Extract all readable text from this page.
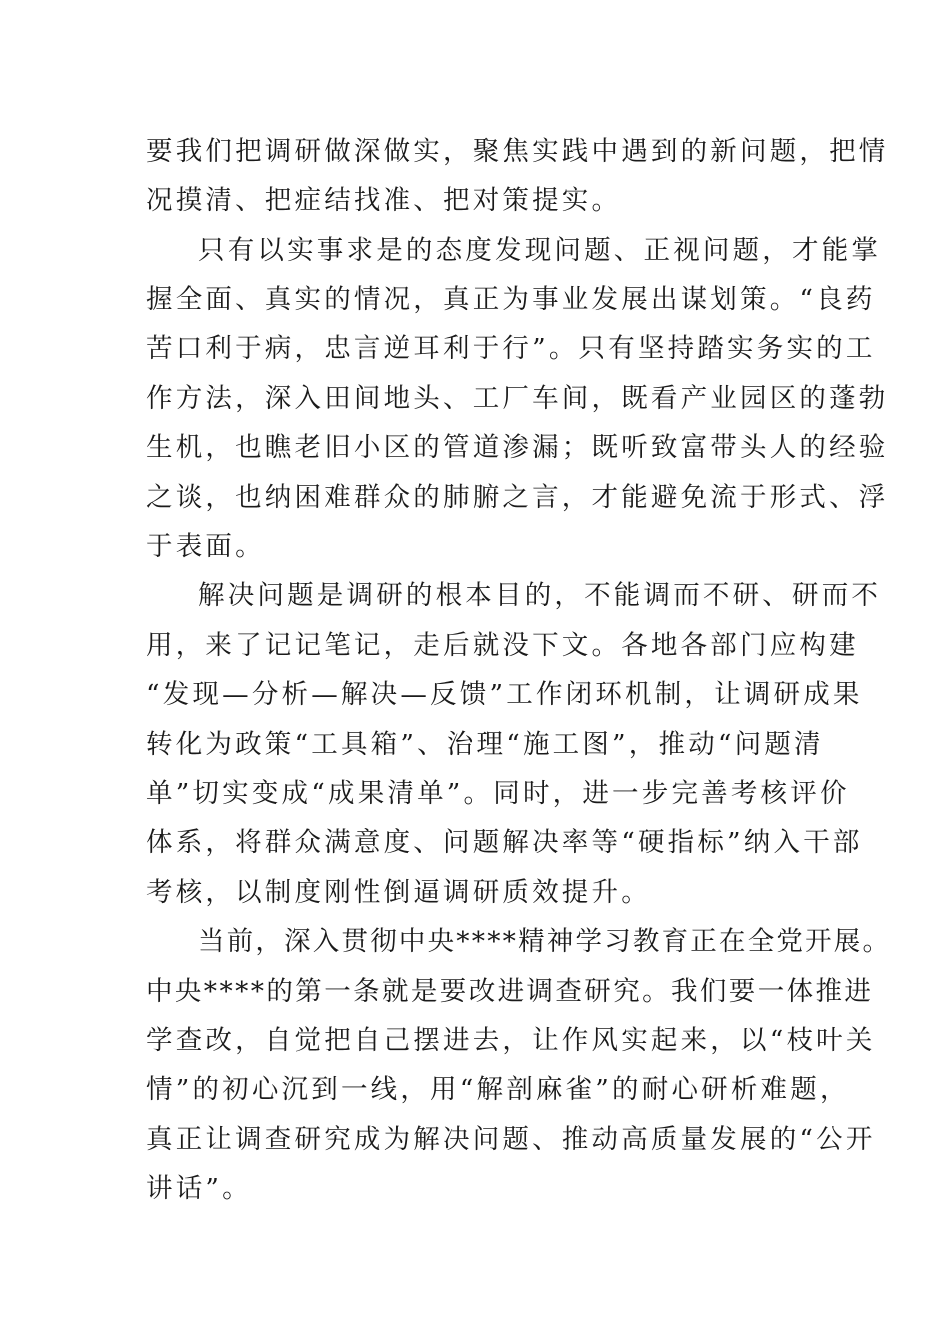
要我们把调研做深做实，聚焦实践中遇到的新问题，把情
况摸清、把症结找准、把对策提实。
只有以实事求是的态度发现问题、正视问题，才能掌
握全面、真实的情况，真正为事业发展出谋划策。“良药
苦口利于病，忠言逆耳利于行”。只有坚持踏实务实的工
作方法，深入田间地头、工厂车间，既看产业园区的蓬勃
生机，也瞧老旧小区的管道渗漏；既听致富带头人的经验
之谈，也纳困难群众的肺腑之言，才能避免流于形式、浮
于表面。
解决问题是调研的根本目的，不能调而不研、研而不
用，来了记记笔记，走后就没下文。各地各部门应构建
“发现—分析—解决—反馈”工作闭环机制，让调研成果
转化为政策“工具箱”、治理“施工图”，推动“问题清
单”切实变成“成果清单”。同时，进一步完善考核评价
体系，将群众满意度、问题解决率等“硬指标”纳入干部
考核，以制度刚性倒逼调研质效提升。
当前，深入贯彻中央****精神学习教育正在全党开展。
中央****的第一条就是要改进调查研究。我们要一体推进
学查改，自觉把自己摆进去，让作风实起来，以“枝叶关
情”的初心沉到一线，用“解剖麻雀”的耐心研析难题，
真正让调查研究成为解决问题、推动高质量发展的“公开
讲话”。
